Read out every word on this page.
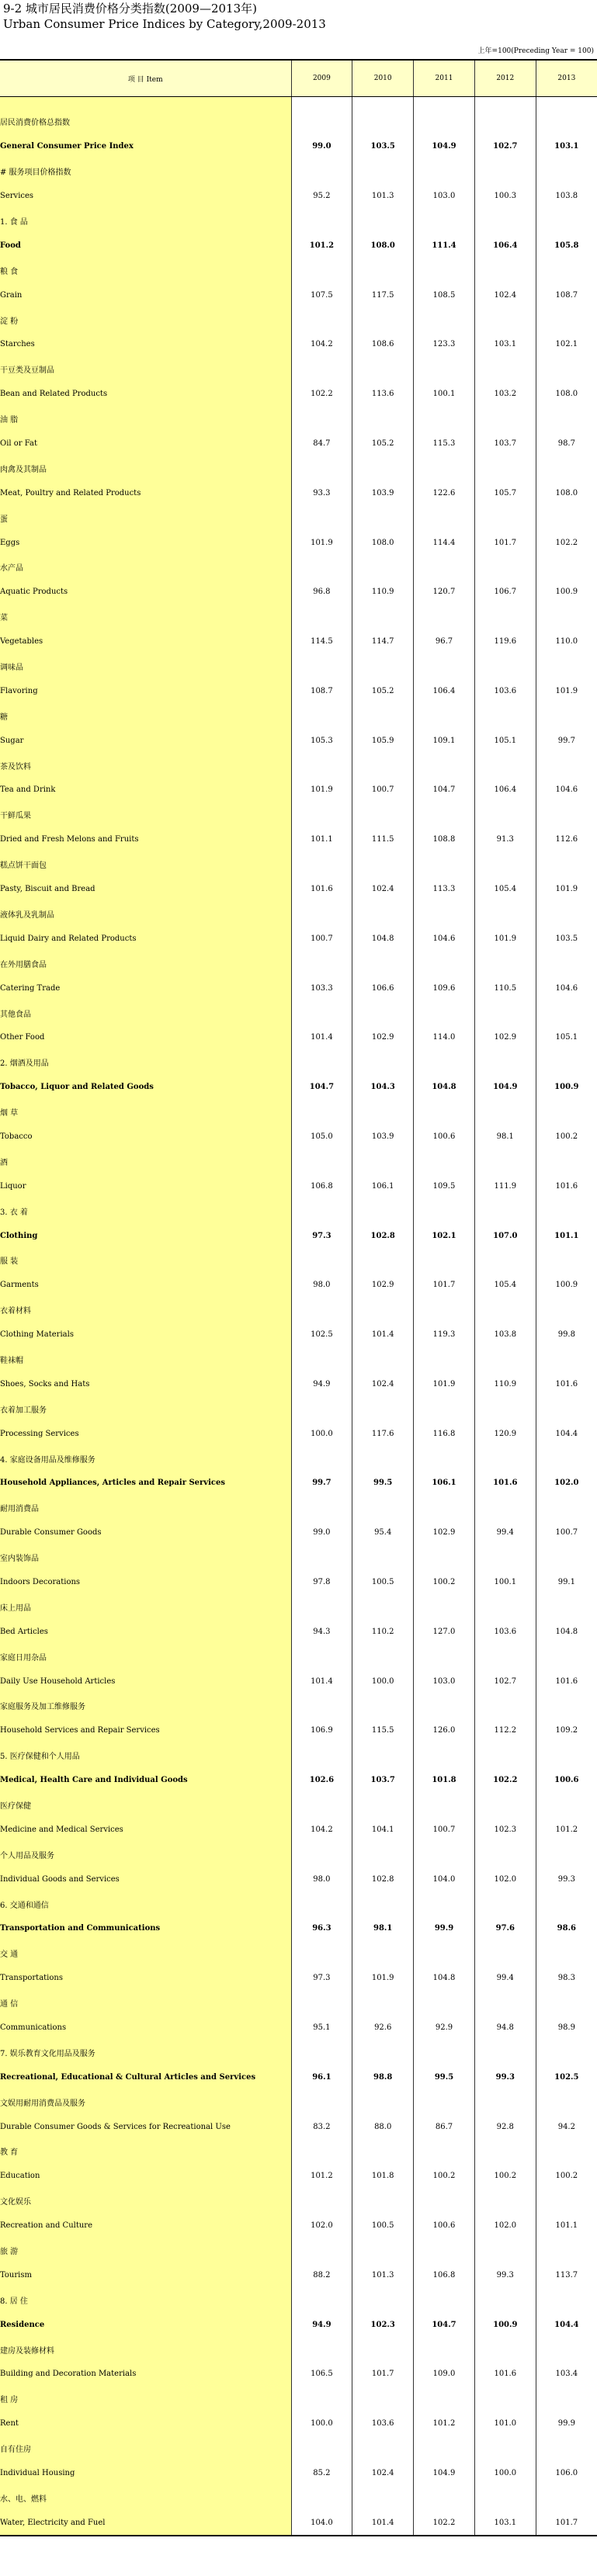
9-2 城市居民消费价格分类指数(2009—2013年)
Urban Consumer Price Indices by Category,2009-2013
上年=100(Preceding Year = 100)
项 目 Item	2009	2010	2011	2012	2013

居民消费价格总指数					
General Consumer Price Index	99.0	103.5	104.9	102.7	103.1
# 服务项目价格指数					
Services	95.2	101.3	103.0	100.3	103.8
1. 食 品					
Food	101.2	108.0	111.4	106.4	105.8
粮 食					
Grain	107.5	117.5	108.5	102.4	108.7
淀 粉					
Starches	104.2	108.6	123.3	103.1	102.1
干豆类及豆制品					
Bean and Related Products	102.2	113.6	100.1	103.2	108.0
油 脂					
Oil or Fat	84.7	105.2	115.3	103.7	98.7
肉禽及其制品					
Meat, Poultry and Related Products	93.3	103.9	122.6	105.7	108.0
蛋					
Eggs	101.9	108.0	114.4	101.7	102.2
水产品					
Aquatic Products	96.8	110.9	120.7	106.7	100.9
菜					
Vegetables	114.5	114.7	96.7	119.6	110.0
调味品					
Flavoring	108.7	105.2	106.4	103.6	101.9
糖					
Sugar	105.3	105.9	109.1	105.1	99.7
茶及饮料					
Tea and Drink	101.9	100.7	104.7	106.4	104.6
干鲜瓜果					
Dried and Fresh Melons and Fruits	101.1	111.5	108.8	91.3	112.6
糕点饼干面包					
Pasty, Biscuit and Bread	101.6	102.4	113.3	105.4	101.9
液体乳及乳制品					
Liquid Dairy and Related Products	100.7	104.8	104.6	101.9	103.5
在外用膳食品					
Catering Trade	103.3	106.6	109.6	110.5	104.6
其他食品					
Other Food	101.4	102.9	114.0	102.9	105.1
2. 烟酒及用品					
Tobacco, Liquor and Related Goods	104.7	104.3	104.8	104.9	100.9
烟 草					
Tobacco	105.0	103.9	100.6	98.1	100.2
酒					
Liquor	106.8	106.1	109.5	111.9	101.6
3. 衣 着					
Clothing	97.3	102.8	102.1	107.0	101.1
服 装					
Garments	98.0	102.9	101.7	105.4	100.9
衣着材料					
Clothing Materials	102.5	101.4	119.3	103.8	99.8
鞋袜帽					
Shoes, Socks and Hats	94.9	102.4	101.9	110.9	101.6
衣着加工服务					
Processing Services	100.0	117.6	116.8	120.9	104.4
4. 家庭设备用品及维修服务					
Household Appliances, Articles and Repair Services	99.7	99.5	106.1	101.6	102.0
耐用消费品					
Durable Consumer Goods	99.0	95.4	102.9	99.4	100.7
室内装饰品					
Indoors Decorations	97.8	100.5	100.2	100.1	99.1
床上用品					
Bed Articles	94.3	110.2	127.0	103.6	104.8
家庭日用杂品					
Daily Use Household Articles	101.4	100.0	103.0	102.7	101.6
家庭服务及加工维修服务					
Household Services and Repair Services	106.9	115.5	126.0	112.2	109.2
5. 医疗保健和个人用品					
Medical, Health Care and Individual Goods	102.6	103.7	101.8	102.2	100.6
医疗保健					
Medicine and Medical Services	104.2	104.1	100.7	102.3	101.2
个人用品及服务					
Individual Goods and Services	98.0	102.8	104.0	102.0	99.3
6. 交通和通信					
Transportation and Communications	96.3	98.1	99.9	97.6	98.6
交 通					
Transportations	97.3	101.9	104.8	99.4	98.3
通 信					
Communications	95.1	92.6	92.9	94.8	98.9
7. 娱乐教育文化用品及服务					
Recreational, Educational & Cultural Articles and Services	96.1	98.8	99.5	99.3	102.5
文娱用耐用消费品及服务					
Durable Consumer Goods & Services for Recreational Use	83.2	88.0	86.7	92.8	94.2
教 育					
Education	101.2	101.8	100.2	100.2	100.2
文化娱乐					
Recreation and Culture	102.0	100.5	100.6	102.0	101.1
旅 游					
Tourism	88.2	101.3	106.8	99.3	113.7
8. 居 住					
Residence	94.9	102.3	104.7	100.9	104.4
建房及装修材料					
Building and Decoration Materials	106.5	101.7	109.0	101.6	103.4
租 房					
Rent	100.0	103.6	101.2	101.0	99.9
自有住房					
Individual Housing	85.2	102.4	104.9	100.0	106.0
水、电、燃料					
Water, Electricity and Fuel	104.0	101.4	102.2	103.1	101.7
